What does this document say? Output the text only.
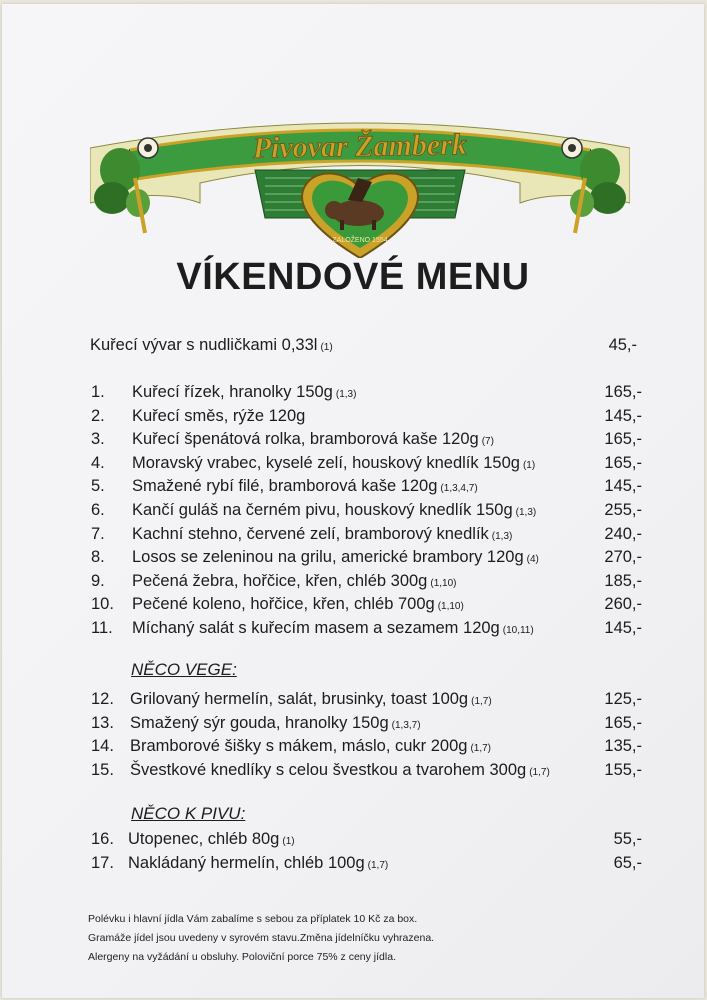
Pivovar Žamberk
ZALOŽENO 1554
VÍKENDOVÉ MENU
Kuřecí vývar s nudličkami 0,33l (1)	45,-
1. Kuřecí řízek, hranolky 150g (1,3)	165,-
2. Kuřecí směs, rýže 120g	145,-
3. Kuřecí špenátová rolka, bramborová kaše 120g (7)	165,-
4. Moravský vrabec, kyselé zelí, houskový knedlík 150g (1)	165,-
5. Smažené rybí filé, bramborová kaše 120g (1,3,4,7)	145,-
6. Kančí guláš na černém pivu, houskový knedlík 150g (1,3)	255,-
7. Kachní stehno, červené zelí, bramborový knedlík (1,3)	240,-
8. Losos se zeleninou na grilu, americké brambory 120g (4)	270,-
9. Pečená žebra, hořčice, křen, chléb 300g (1,10)	185,-
10. Pečené koleno, hořčice, křen, chléb 700g (1,10)	260,-
11. Míchaný salát s kuřecím masem a sezamem 120g (10,11)	145,-
NĚCO VEGE:
12. Grilovaný hermelín, salát, brusinky, toast 100g (1,7)	125,-
13. Smažený sýr gouda, hranolky 150g (1,3,7)	165,-
14. Bramborové šišky s mákem, máslo, cukr 200g (1,7)	135,-
15. Švestkové knedlíky s celou švestkou a tvarohem 300g (1,7)	155,-
NĚCO K PIVU:
16. Utopenec, chléb 80g (1)	55,-
17. Nakládaný hermelín, chléb 100g (1,7)	65,-
Polévku i hlavní jídla Vám zabalíme s sebou za příplatek 10 Kč za box.
Gramáže jídel jsou uvedeny v syrovém stavu.Změna jídelníčku vyhrazena.
Alergeny na vyžádání u obsluhy. Poloviční porce 75% z ceny jídla.
